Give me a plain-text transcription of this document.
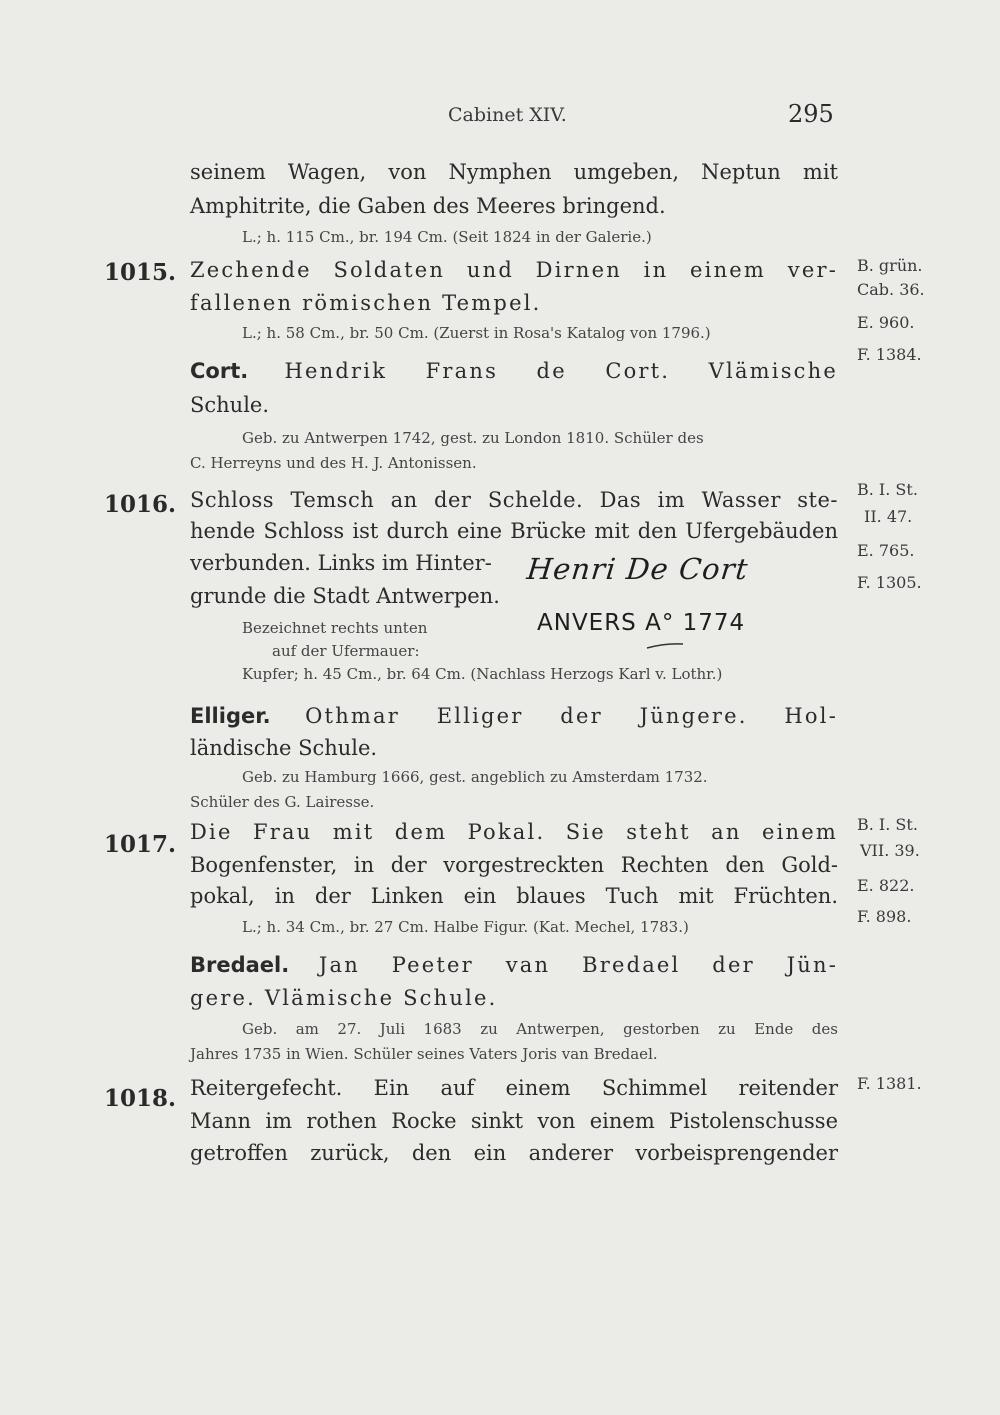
Cabinet XIV.	295
seinem Wagen, von Nymphen umgeben, Neptun mit
Amphitrite, die Gaben des Meeres bringend.
L.; h. 115 Cm., br. 194 Cm. (Seit 1824 in der Galerie.)
1015. Zechende Soldaten und Dirnen in einem ver-
fallenen römischen Tempel.
L.; h. 58 Cm., br. 50 Cm. (Zuerst in Rosa's Katalog von 1796.)
B. grün.
Cab. 36.
E. 960.
F. 1384.
Cort. Hendrik Frans de Cort. Vlämische
Schule.
Geb. zu Antwerpen 1742, gest. zu London 1810. Schüler des
C. Herreyns und des H. J. Antonissen.
1016. Schloss Temsch an der Schelde. Das im Wasser ste-
hende Schloss ist durch eine Brücke mit den Ufergebäuden
verbunden. Links im Hinter-
grunde die Stadt Antwerpen.
Bezeichnet rechts unten
auf der Ufermauer:
Henri De Cort
ANVERS A° 1774
Kupfer; h. 45 Cm., br. 64 Cm. (Nachlass Herzogs Karl v. Lothr.)
B. I. St.
II. 47.
E. 765.
F. 1305.
Elliger. Othmar Elliger der Jüngere. Hol-
ländische Schule.
Geb. zu Hamburg 1666, gest. angeblich zu Amsterdam 1732.
Schüler des G. Lairesse.
1017. Die Frau mit dem Pokal. Sie steht an einem
Bogenfenster, in der vorgestreckten Rechten den Gold-
pokal, in der Linken ein blaues Tuch mit Früchten.
L.; h. 34 Cm., br. 27 Cm. Halbe Figur. (Kat. Mechel, 1783.)
B. I. St.
VII. 39.
E. 822.
F. 898.
Bredael. Jan Peeter van Bredael der Jün-
gere. Vlämische Schule.
Geb. am 27. Juli 1683 zu Antwerpen, gestorben zu Ende des
Jahres 1735 in Wien. Schüler seines Vaters Joris van Bredael.
1018. Reitergefecht. Ein auf einem Schimmel reitender
Mann im rothen Rocke sinkt von einem Pistolenschusse
getroffen zurück, den ein anderer vorbeisprengender
F. 1381.
